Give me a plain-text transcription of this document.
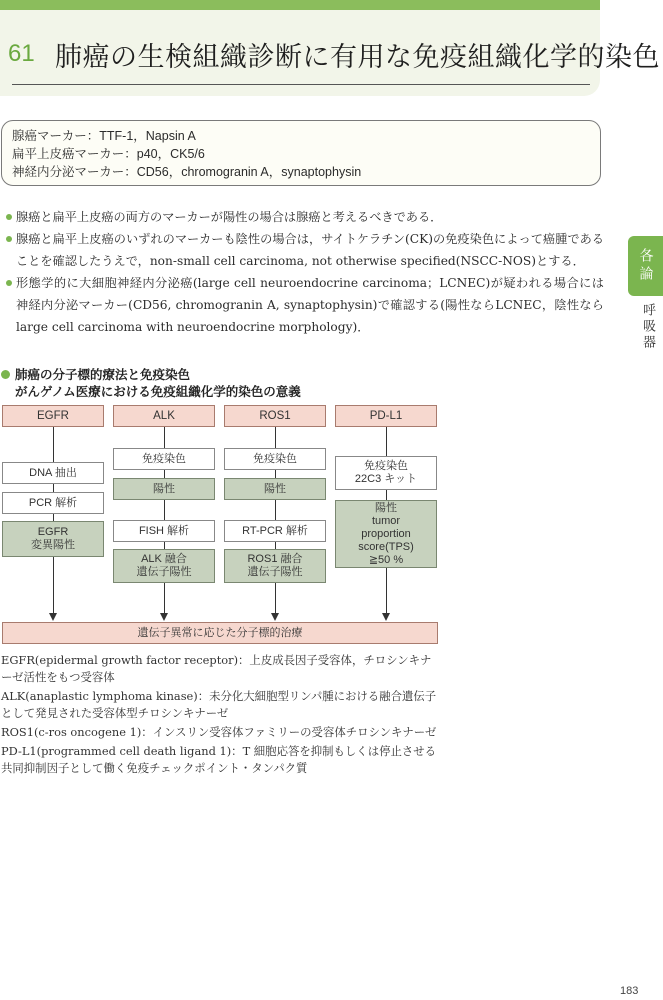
61 肺癌の生検組織診断に有用な免疫組織化学的染色
腺癌マーカー：TTF-1，Napsin A
扁平上皮癌マーカー：p40，CK5/6
神経内分泌マーカー：CD56，chromogranin A，synaptophysin
腺癌と扁平上皮癌の両方のマーカーが陽性の場合は腺癌と考えるべきである．
腺癌と扁平上皮癌のいずれのマーカーも陰性の場合は，サイトケラチン(CK)の免疫染色によって癌腫であることを確認したうえで，non-small cell carcinoma, not otherwise specified(NSCC-NOS)とする．
形態学的に大細胞神経内分泌癌(large cell neuroendocrine carcinoma；LCNEC)が疑われる場合には神経内分泌マーカー(CD56, chromogranin A, synaptophysin)で確認する(陽性ならLCNEC，陰性ならlarge cell carcinoma with neuroendocrine morphology)．
各論
呼吸器
肺癌の分子標的療法と免疫染色
がんゲノム医療における免疫組織化学的染色の意義
EGFR	ALK	ROS1	PD-L1
DNA 抽出
PCR 解析
EGFR
変異陽性
免疫染色
陽性
FISH 解析
ALK 融合
遺伝子陽性
免疫染色
陽性
RT-PCR 解析
ROS1 融合
遺伝子陽性
免疫染色
22C3 キット
陽性
tumor
proportion
score(TPS)
≧50 %
遺伝子異常に応じた分子標的治療
EGFR(epidermal growth factor receptor)：上皮成長因子受容体，チロシンキナーゼ活性をもつ受容体
ALK(anaplastic lymphoma kinase)：未分化大細胞型リンパ腫における融合遺伝子として発見された受容体型チロシンキナーゼ
ROS1(c-ros oncogene 1)：インスリン受容体ファミリーの受容体チロシンキナーゼ
PD-L1(programmed cell death ligand 1)：T 細胞応答を抑制もしくは停止させる共同抑制因子として働く免疫チェックポイント・タンパク質
183
